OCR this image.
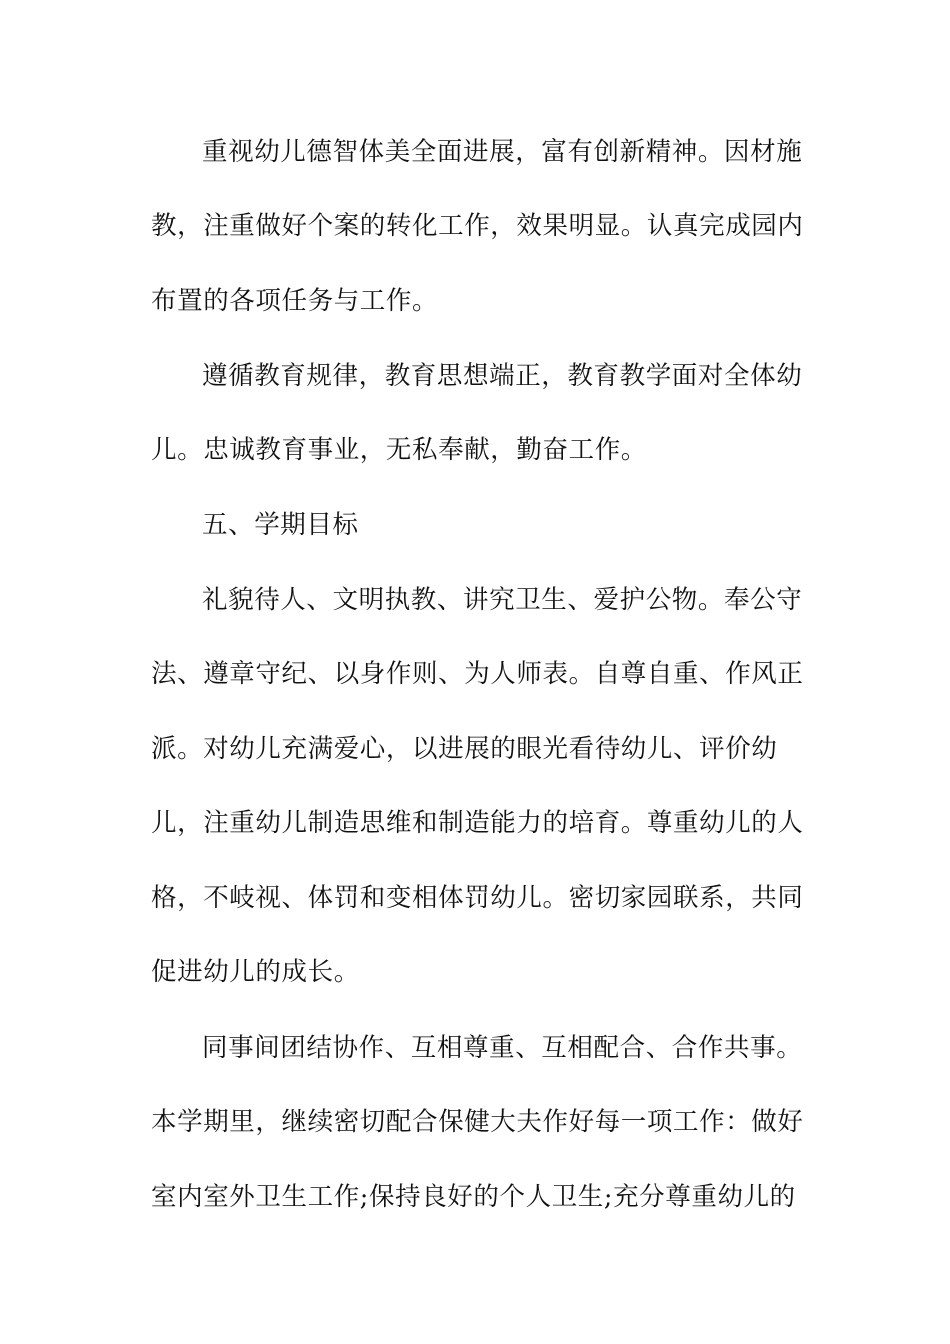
重视幼儿德智体美全面进展，富有创新精神。因材施
教，注重做好个案的转化工作，效果明显。认真完成园内
布置的各项任务与工作。
遵循教育规律，教育思想端正，教育教学面对全体幼
儿。忠诚教育事业，无私奉献，勤奋工作。
五、学期目标
礼貌待人、文明执教、讲究卫生、爱护公物。奉公守
法、遵章守纪、以身作则、为人师表。自尊自重、作风正
派。对幼儿充满爱心，以进展的眼光看待幼儿、评价幼
儿，注重幼儿制造思维和制造能力的培育。尊重幼儿的人
格，不岐视、体罚和变相体罚幼儿。密切家园联系，共同
促进幼儿的成长。
同事间团结协作、互相尊重、互相配合、合作共事。
本学期里，继续密切配合保健大夫作好每一项工作：做好
室内室外卫生工作;保持良好的个人卫生;充分尊重幼儿的
